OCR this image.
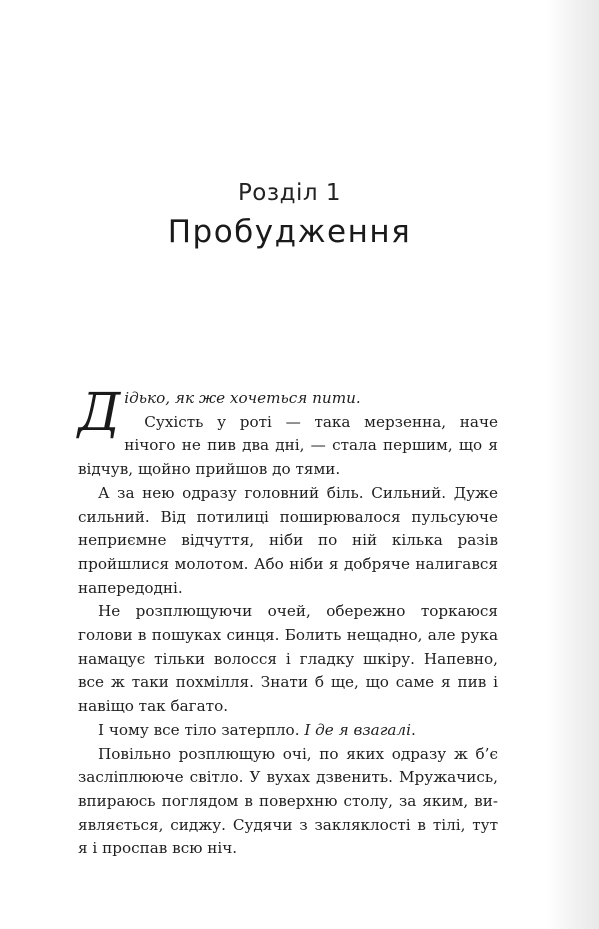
Розділ 1
Пробудження

Дідько, як же хочеться пити.

Сухість у роті — така мерзенна, наче нічого не пив два дні, — стала першим, що я відчув, щойно прийшов до тями.

А за нею одразу головний біль. Сильний. Дуже сильний. Від потилиці поширювалося пульсуюче неприємне відчуття, ніби по ній кілька разів пройшлися молотом. Або ніби я добряче налигався напередодні.

Не розплющуючи очей, обережно торкаюся голови в пошуках синця. Болить нещадно, але рука намацує тільки волосся і гладку шкіру. Напевно, все ж таки похмілля. Знати б ще, що саме я пив і навіщо так багато.

І чому все тіло затерпло. І де я взагалі.

Повільно розплющую очі, по яких одразу ж б’є засліплююче світло. У вухах дзвенить. Мружачись, впираюсь поглядом в поверхню столу, за яким, виявляється, сиджу. Судячи з закляклості в тілі, тут я і проспав всю ніч.
